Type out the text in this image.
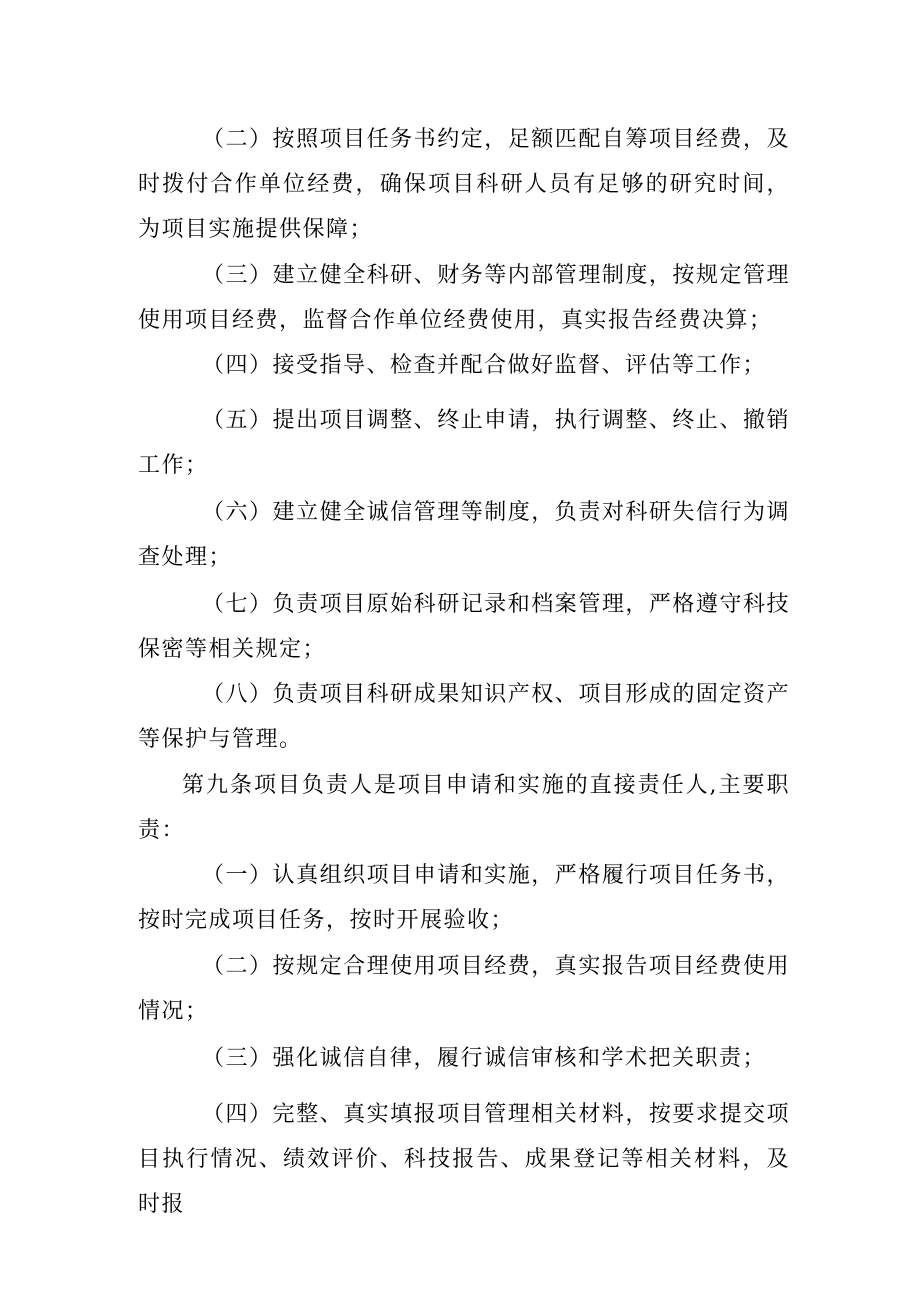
（二）按照项目任务书约定，足额匹配自筹项目经费，及时拨付合作单位经费，确保项目科研人员有足够的研究时间，为项目实施提供保障；

（三）建立健全科研、财务等内部管理制度，按规定管理使用项目经费，监督合作单位经费使用，真实报告经费决算；

（四）接受指导、检查并配合做好监督、评估等工作；

（五）提出项目调整、终止申请，执行调整、终止、撤销工作；

（六）建立健全诚信管理等制度，负责对科研失信行为调查处理；

（七）负责项目原始科研记录和档案管理，严格遵守科技保密等相关规定；

（八）负责项目科研成果知识产权、项目形成的固定资产等保护与管理。

第九条项目负责人是项目申请和实施的直接责任人,主要职责：

（一）认真组织项目申请和实施，严格履行项目任务书，按时完成项目任务，按时开展验收；

（二）按规定合理使用项目经费，真实报告项目经费使用情况；

（三）强化诚信自律，履行诚信审核和学术把关职责；

（四）完整、真实填报项目管理相关材料，按要求提交项目执行情况、绩效评价、科技报告、成果登记等相关材料，及时报
